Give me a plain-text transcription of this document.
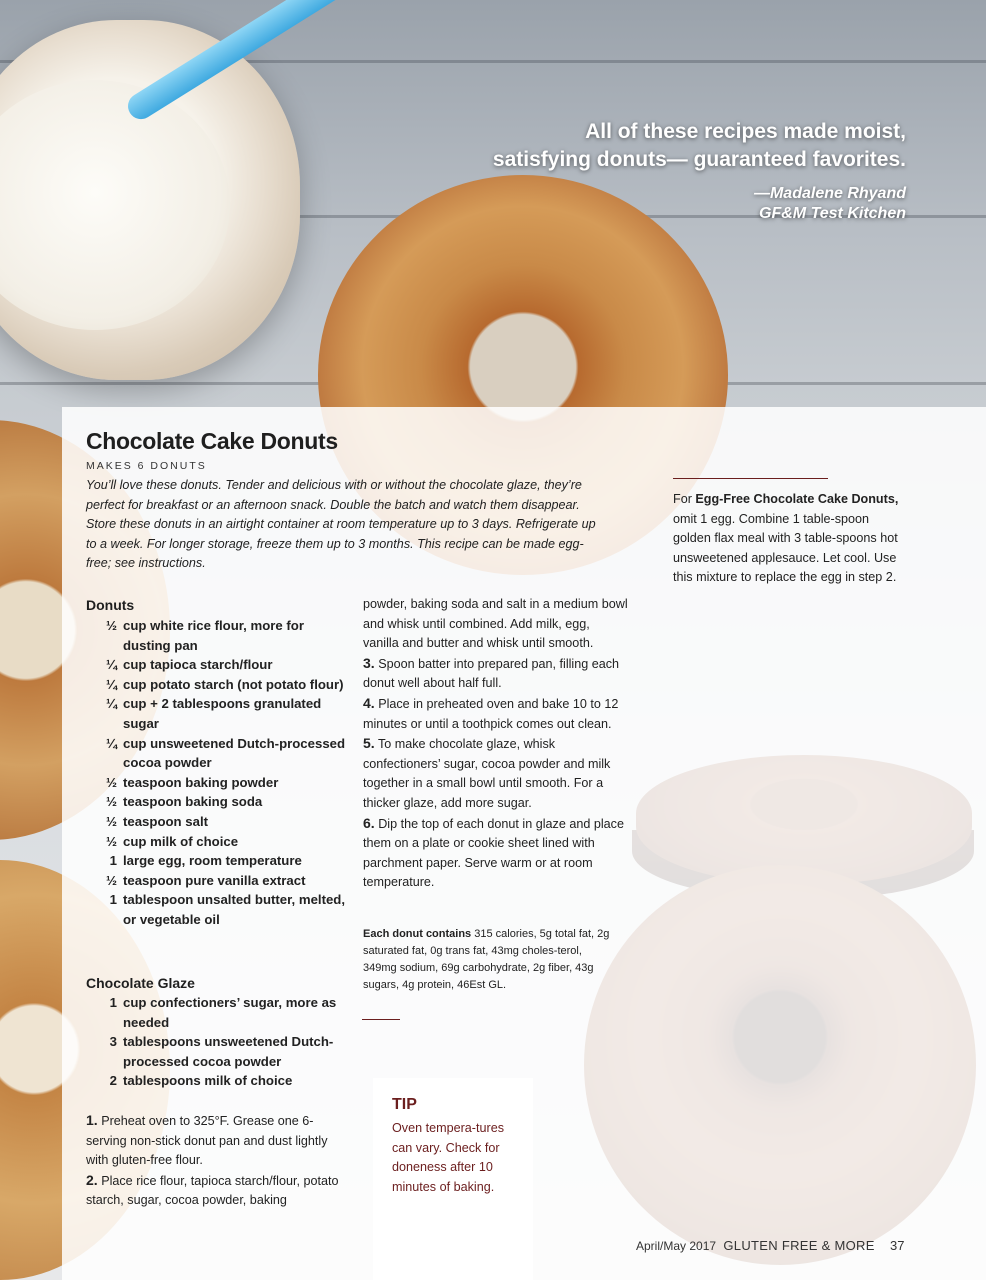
All of these recipes made moist, satisfying donuts— guaranteed favorites.
—Madalene Rhyand
GF&M Test Kitchen
Chocolate Cake Donuts
MAKES 6 DONUTS
You’ll love these donuts. Tender and delicious with or without the chocolate glaze, they’re perfect for breakfast or an afternoon snack. Double the batch and watch them disappear. Store these donuts in an airtight container at room temperature up to 3 days. Refrigerate up to a week. For longer storage, freeze them up to 3 months. This recipe can be made egg-free; see instructions.
Donuts
½ cup white rice flour, more for dusting pan
¼ cup tapioca starch/flour
¼ cup potato starch (not potato flour)
¼ cup + 2 tablespoons granulated sugar
¼ cup unsweetened Dutch-processed cocoa powder
½ teaspoon baking powder
½ teaspoon baking soda
½ teaspoon salt
½ cup milk of choice
1 large egg, room temperature
½ teaspoon pure vanilla extract
1 tablespoon unsalted butter, melted, or vegetable oil
Chocolate Glaze
1 cup confectioners’ sugar, more as needed
3 tablespoons unsweetened Dutch-processed cocoa powder
2 tablespoons milk of choice

1. Preheat oven to 325°F. Grease one 6-serving non-stick donut pan and dust lightly with gluten-free flour.

2. Place rice flour, tapioca starch/flour, potato starch, sugar, cocoa powder, baking

powder, baking soda and salt in a medium bowl and whisk until combined. Add milk, egg, vanilla and butter and whisk until smooth.

3. Spoon batter into prepared pan, filling each donut well about half full.

4. Place in preheated oven and bake 10 to 12 minutes or until a toothpick comes out clean.

5. To make chocolate glaze, whisk confectioners’ sugar, cocoa powder and milk together in a small bowl until smooth. For a thicker glaze, add more sugar.

6. Dip the top of each donut in glaze and place them on a plate or cookie sheet lined with parchment paper. Serve warm or at room temperature.

Each donut contains 315 calories, 5g total fat, 2g saturated fat, 0g trans fat, 43mg choles-terol, 349mg sodium, 69g carbohydrate, 2g fiber, 43g sugars, 4g protein, 46Est GL.
For Egg-Free Chocolate Cake Donuts, omit 1 egg. Combine 1 table-spoon golden flax meal with 3 table-spoons hot unsweetened applesauce. Let cool. Use this mixture to replace the egg in step 2.
TIP
Oven tempera-tures can vary. Check for doneness after 10 minutes of baking.
April/May 2017 GLUTEN FREE & MORE 37
